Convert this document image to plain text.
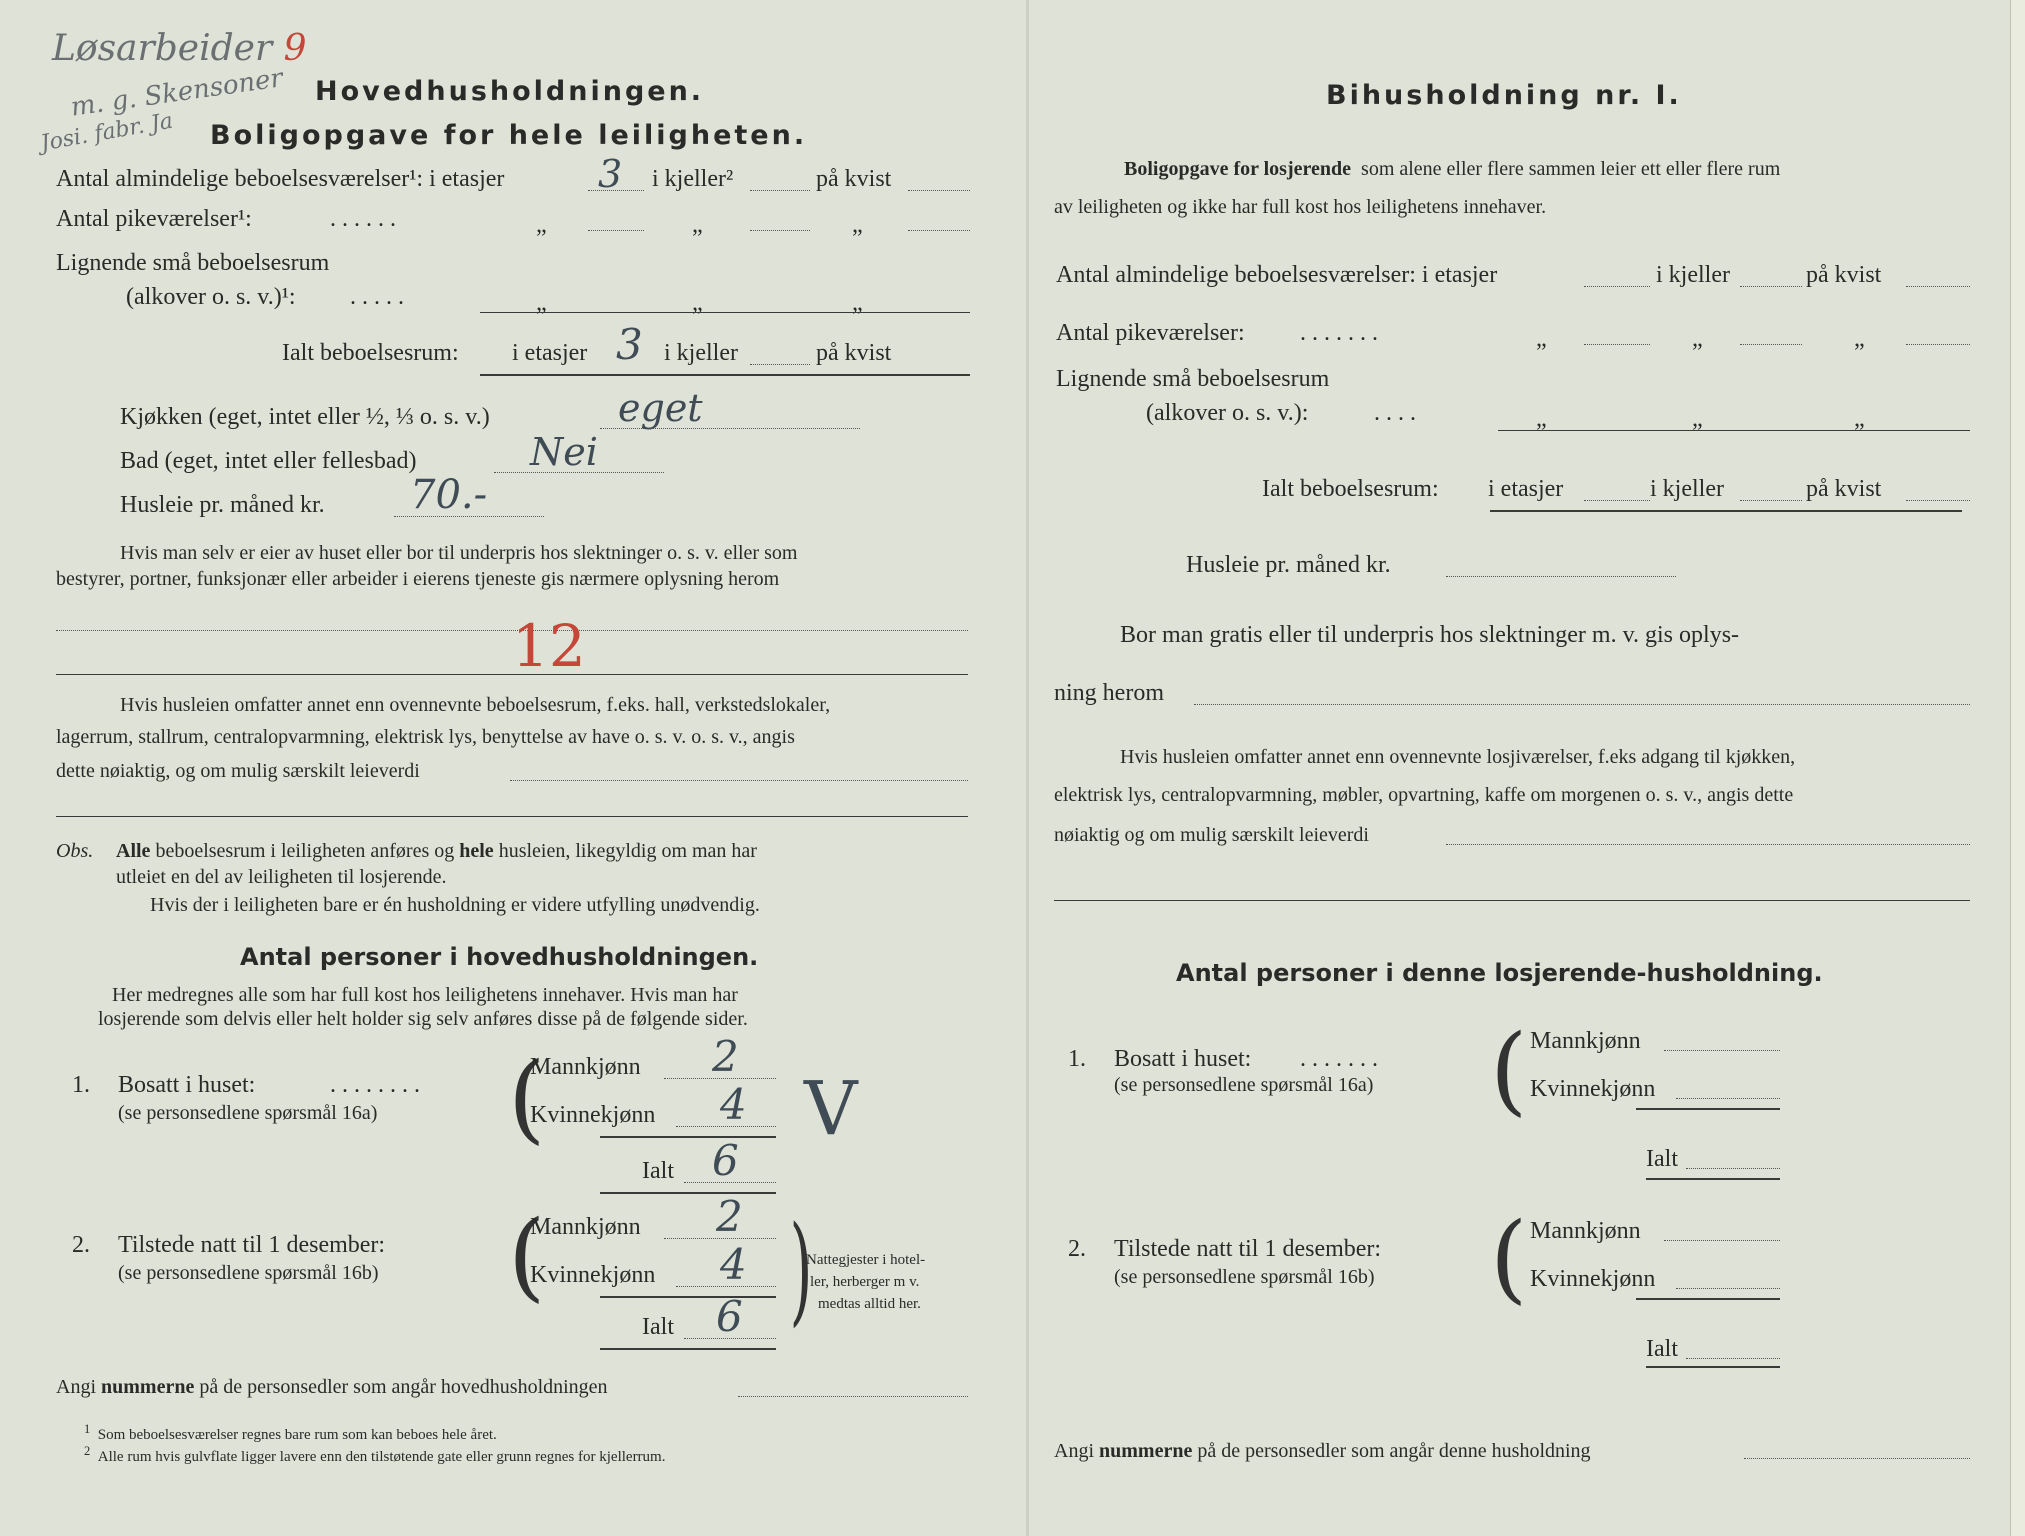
Løsarbeider 9
m. g. Skensoner
Josi. fabr. Ja
Hovedhusholdningen.
Boligopgave for hele leiligheten.
Antal almindelige beboelsesværelser¹: i etasjer 3 i kjeller²	på kvist
Antal pikeværelser¹:	. . . . . .	„	„	„
Lignende små beboelsesrum
(alkover o. s. v.)¹: . . . . .	„	„	„
Ialt beboelsesrum: i etasjer 3 i kjeller	på kvist
Kjøkken (eget, intet eller ½, ⅓ o. s. v.)	eget
Bad (eget, intet eller fellesbad)	Nei
Husleie pr. måned kr. 70.-
Hvis man selv er eier av huset eller bor til underpris hos slektninger o. s. v. eller som
bestyrer, portner, funksjonær eller arbeider i eierens tjeneste gis nærmere oplysning herom
12
Hvis husleien omfatter annet enn ovennevnte beboelsesrum, f.eks. hall, verkstedslokaler,
lagerrum, stallrum, centralopvarmning, elektrisk lys, benyttelse av have o. s. v. o. s. v., angis
dette nøiaktig, og om mulig særskilt leieverdi
Obs. Alle beboelsesrum i leiligheten anføres og hele husleien, likegyldig om man har
utleiet en del av leiligheten til losjerende.
Hvis der i leiligheten bare er én husholdning er videre utfylling unødvendig.
Antal personer i hovedhusholdningen.
Her medregnes alle som har full kost hos leilighetens innehaver. Hvis man har
losjerende som delvis eller helt holder sig selv anføres disse på de følgende sider.
1. Bosatt i huset:	. . . . . . . .
(se personsedlene spørsmål 16a) (
Mannkjønn 2
Kvinnekjønn 4
Ialt 6
V
2. Tilstede natt til 1 desember:
(se personsedlene spørsmål 16b) (
Mannkjønn 2
Kvinnekjønn 4
Ialt 6 )
Nattegjester i hotel-
ler, herberger m v.
medtas alltid her.
Angi nummerne på de personsedler som angår hovedhusholdningen
$^1$ Som beboelsesværelser regnes bare rum som kan beboes hele året.
$^2$ Alle rum hvis gulvflate ligger lavere enn den tilstøtende gate eller grunn regnes for kjellerrum.
Bihusholdning nr. I.
Boligopgave for losjerende som alene eller flere sammen leier ett eller flere rum
av leiligheten og ikke har full kost hos leilighetens innehaver.
Antal almindelige beboelsesværelser: i etasjer	i kjeller	på kvist
Antal pikeværelser: . . . . . . .	„	„	„
Lignende små beboelsesrum
(alkover o. s. v.):	. . . .	„	„	„
Ialt beboelsesrum: i etasjer	i kjeller	på kvist
Husleie pr. måned kr.
Bor man gratis eller til underpris hos slektninger m. v. gis oplys-
ning herom
Hvis husleien omfatter annet enn ovennevnte losjiværelser, f.eks adgang til kjøkken,
elektrisk lys, centralopvarmning, møbler, opvartning, kaffe om morgenen o. s. v., angis dette
nøiaktig og om mulig særskilt leieverdi
Antal personer i denne losjerende-husholdning.
1. Bosatt i huset: . . . . . . .
(se personsedlene spørsmål 16a) ( Mannkjønn
Kvinnekjønn
Ialt
2. Tilstede natt til 1 desember:
(se personsedlene spørsmål 16b) ( Mannkjønn
Kvinnekjønn
Ialt
Angi nummerne på de personsedler som angår denne husholdning
